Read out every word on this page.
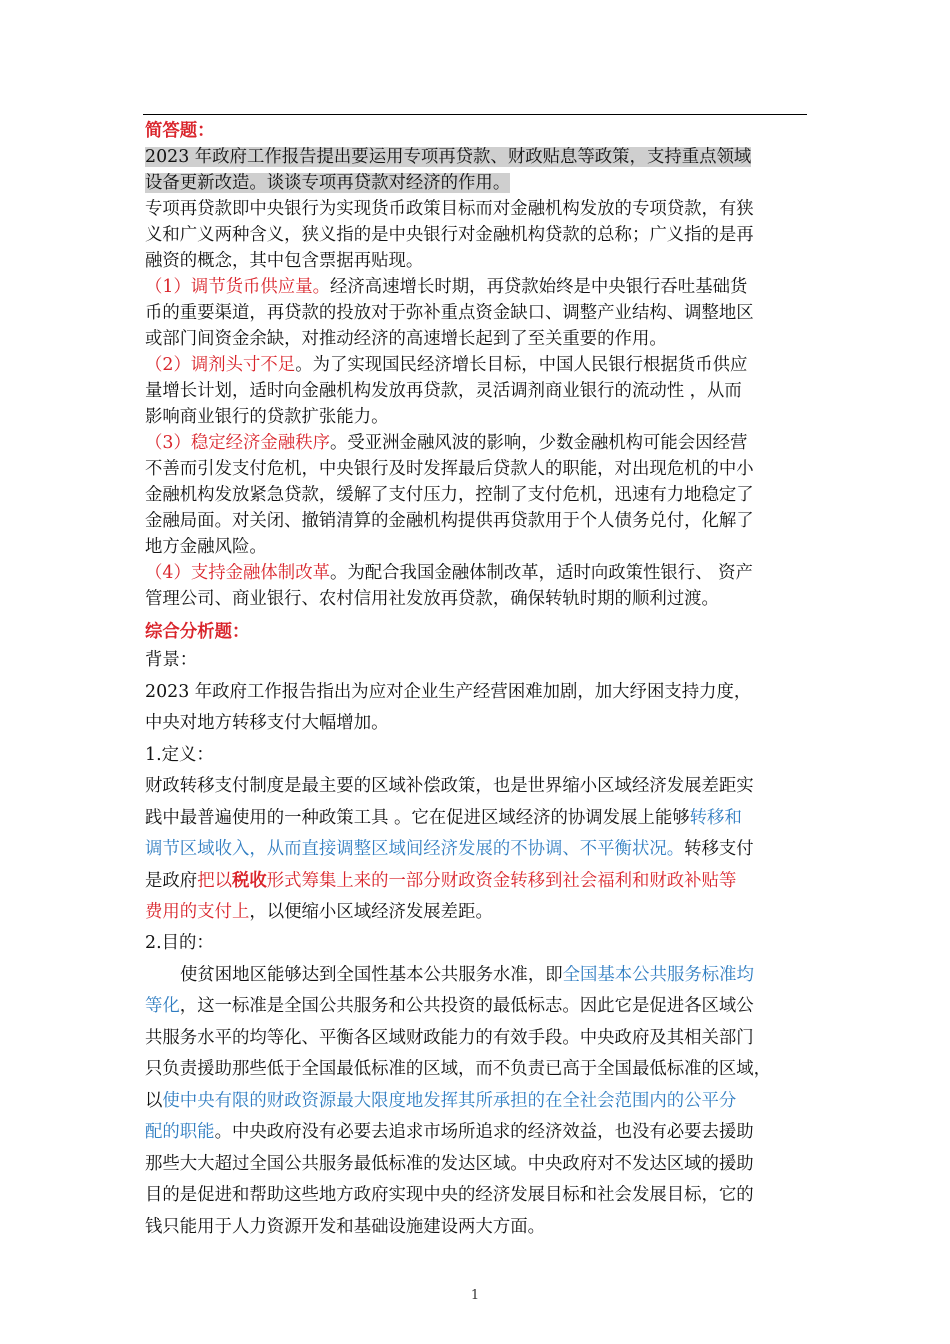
简答题：
2023 年政府工作报告提出要运用专项再贷款、财政贴息等政策，支持重点领域
设备更新改造。谈谈专项再贷款对经济的作用。
专项再贷款即中央银行为实现货币政策目标而对金融机构发放的专项贷款，有狭
义和广义两种含义，狭义指的是中央银行对金融机构贷款的总称；广义指的是再
融资的概念，其中包含票据再贴现。
（1）调节货币供应量。经济高速增长时期，再贷款始终是中央银行吞吐基础货
币的重要渠道，再贷款的投放对于弥补重点资金缺口、调整产业结构、调整地区
或部门间资金余缺，对推动经济的高速增长起到了至关重要的作用。
（2）调剂头寸不足。为了实现国民经济增长目标，中国人民银行根据货币供应
量增长计划，适时向金融机构发放再贷款，灵活调剂商业银行的流动性 ，从而
影响商业银行的贷款扩张能力。
（3）稳定经济金融秩序。受亚洲金融风波的影响，少数金融机构可能会因经营
不善而引发支付危机，中央银行及时发挥最后贷款人的职能，对出现危机的中小
金融机构发放紧急贷款，缓解了支付压力，控制了支付危机，迅速有力地稳定了
金融局面。对关闭、撤销清算的金融机构提供再贷款用于个人债务兑付，化解了
地方金融风险。
（4）支持金融体制改革。为配合我国金融体制改革，适时向政策性银行、 资产
管理公司、商业银行、农村信用社发放再贷款，确保转轨时期的顺利过渡。
综合分析题：
背景：
2023 年政府工作报告指出为应对企业生产经营困难加剧，加大纾困支持力度，
中央对地方转移支付大幅增加。
1.定义：
财政转移支付制度是最主要的区域补偿政策，也是世界缩小区域经济发展差距实
践中最普遍使用的一种政策工具 。它在促进区域经济的协调发展上能够转移和
调节区域收入，从而直接调整区域间经济发展的不协调、不平衡状况。转移支付
是政府把以税收形式筹集上来的一部分财政资金转移到社会福利和财政补贴等
费用的支付上，以便缩小区域经济发展差距。
2.目的：
使贫困地区能够达到全国性基本公共服务水准，即全国基本公共服务标准均
等化，这一标准是全国公共服务和公共投资的最低标志。因此它是促进各区域公
共服务水平的均等化、平衡各区域财政能力的有效手段。中央政府及其相关部门
只负责援助那些低于全国最低标准的区域，而不负责已高于全国最低标准的区域，
以使中央有限的财政资源最大限度地发挥其所承担的在全社会范围内的公平分
配的职能。中央政府没有必要去追求市场所追求的经济效益，也没有必要去援助
那些大大超过全国公共服务最低标准的发达区域。中央政府对不发达区域的援助
目的是促进和帮助这些地方政府实现中央的经济发展目标和社会发展目标，它的
钱只能用于人力资源开发和基础设施建设两大方面。
1
